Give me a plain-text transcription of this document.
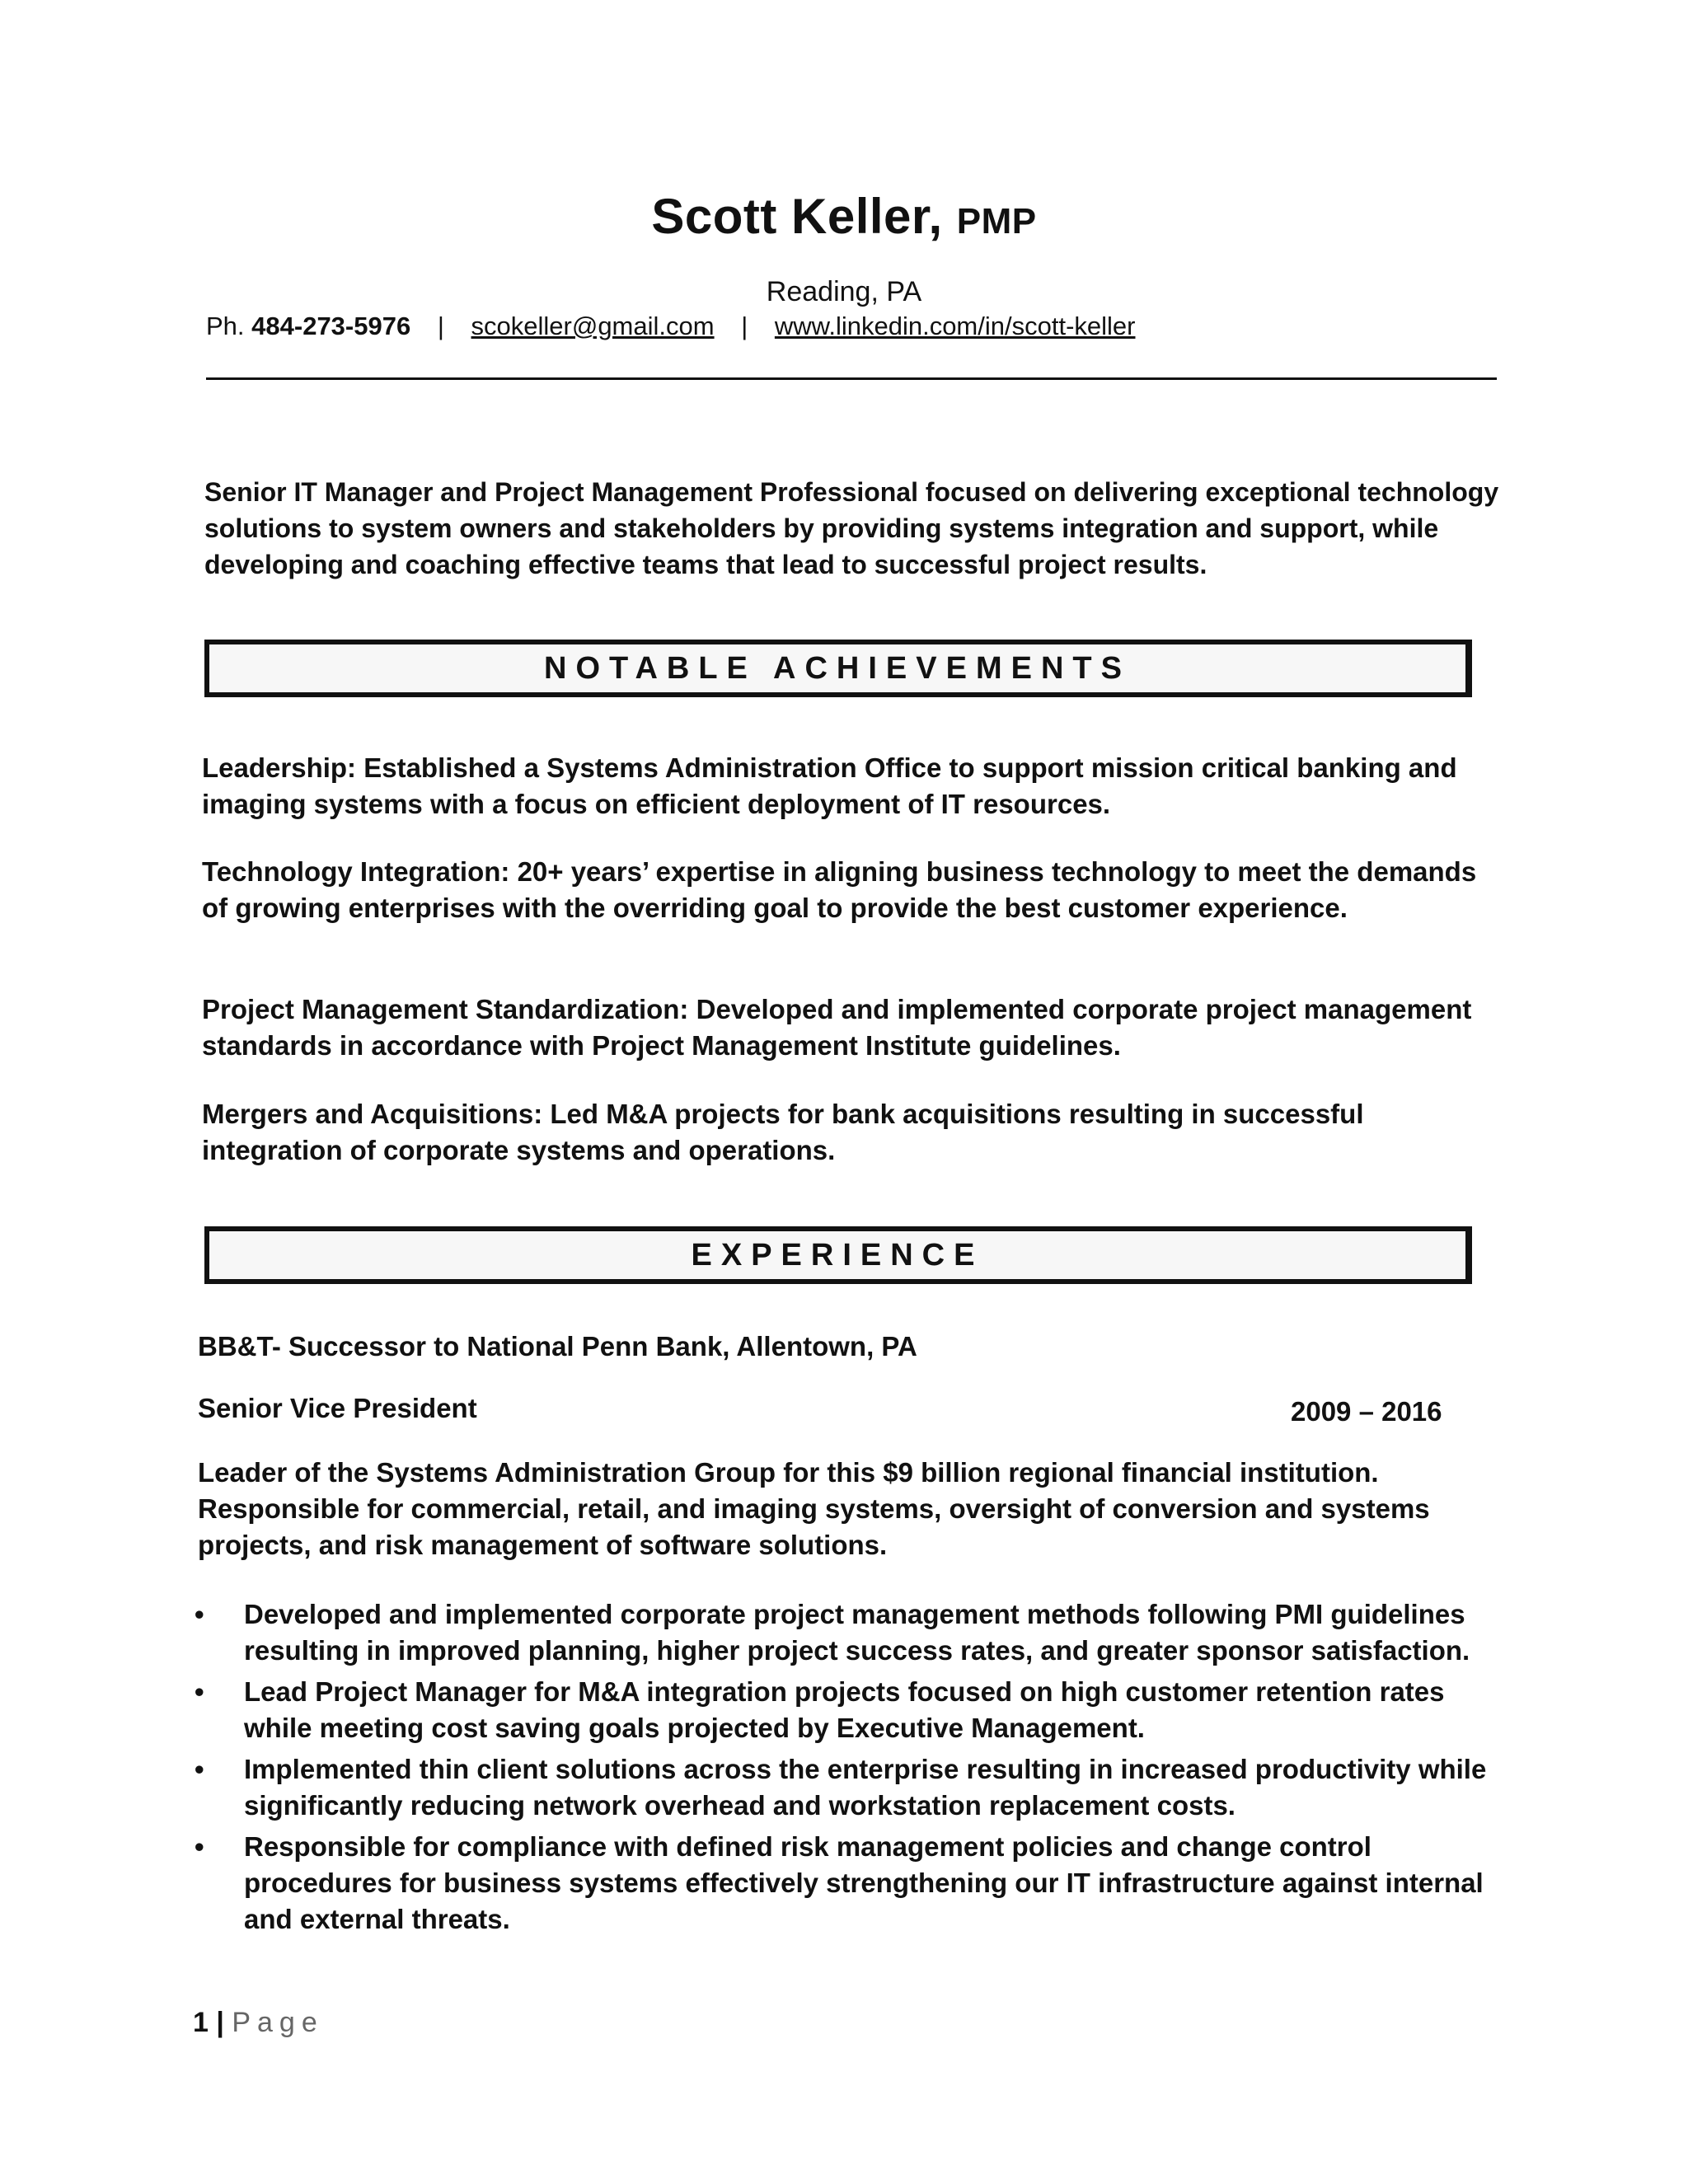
Scott Keller, PMP
Reading, PA
Ph. 484-273-5976 | scokeller@gmail.com | www.linkedin.com/in/scott-keller
Senior IT Manager and Project Management Professional focused on delivering exceptional technology solutions to system owners and stakeholders by providing systems integration and support, while developing and coaching effective teams that lead to successful project results.
NOTABLE ACHIEVEMENTS
Leadership: Established a Systems Administration Office to support mission critical banking and imaging systems with a focus on efficient deployment of IT resources.
Technology Integration: 20+ years’ expertise in aligning business technology to meet the demands of growing enterprises with the overriding goal to provide the best customer experience.
Project Management Standardization: Developed and implemented corporate project management standards in accordance with Project Management Institute guidelines.
Mergers and Acquisitions: Led M&A projects for bank acquisitions resulting in successful integration of corporate systems and operations.
EXPERIENCE
BB&T- Successor to National Penn Bank, Allentown, PA
Senior Vice President	2009 – 2016
Leader of the Systems Administration Group for this $9 billion regional financial institution. Responsible for commercial, retail, and imaging systems, oversight of conversion and systems projects, and risk management of software solutions.
• Developed and implemented corporate project management methods following PMI guidelines resulting in improved planning, higher project success rates, and greater sponsor satisfaction.
• Lead Project Manager for M&A integration projects focused on high customer retention rates while meeting cost saving goals projected by Executive Management.
• Implemented thin client solutions across the enterprise resulting in increased productivity while significantly reducing network overhead and workstation replacement costs.
• Responsible for compliance with defined risk management policies and change control procedures for business systems effectively strengthening our IT infrastructure against internal and external threats.
1 | Page
